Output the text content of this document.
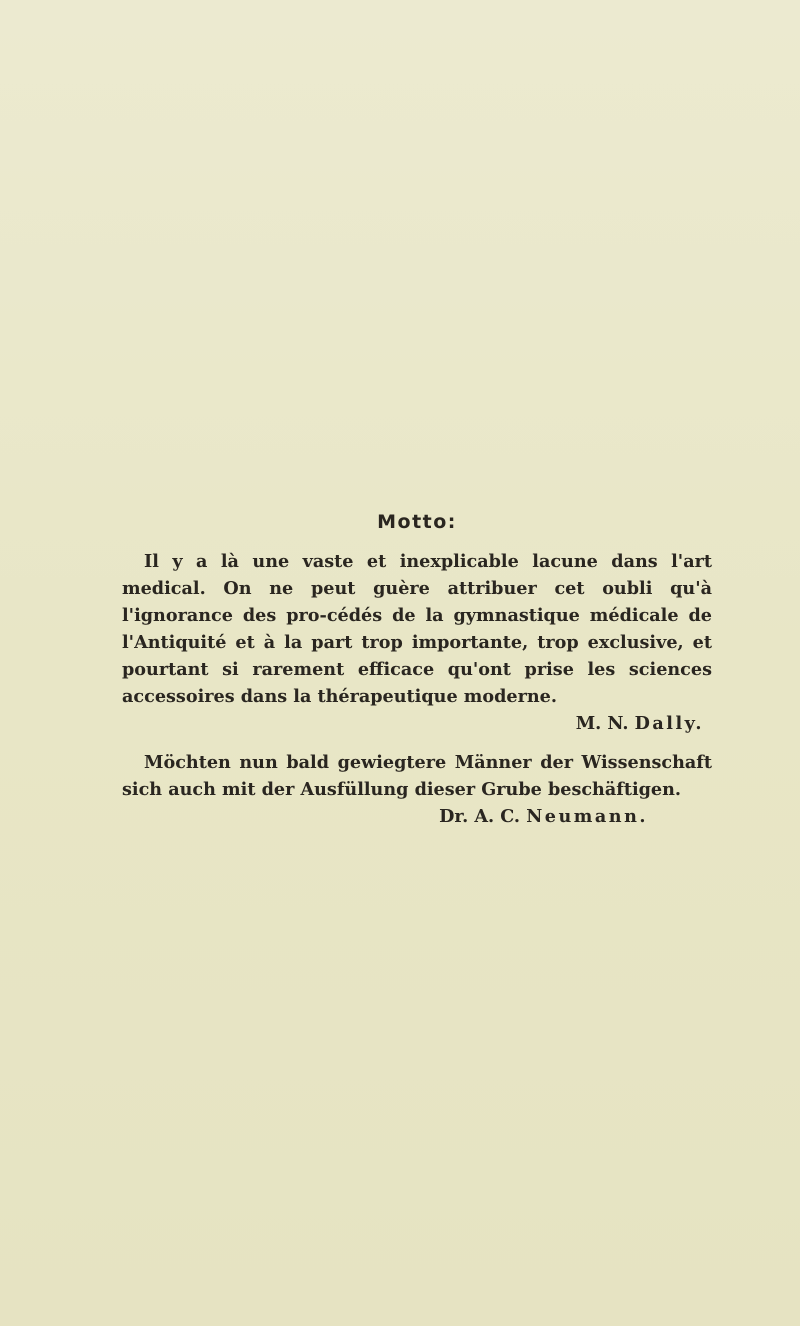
Motto:

Il y a là une vaste et inexplicable lacune dans l'art medical. On ne peut guère attribuer cet oubli qu'à l'ignorance des pro-cédés de la gymnastique médicale de l'Antiquité et à la part trop importante, trop exclusive, et pourtant si rarement efficace qu'ont prise les sciences accessoires dans la thérapeutique moderne.

M. N. Dally.

Möchten nun bald gewiegtere Männer der Wissenschaft sich auch mit der Ausfüllung dieser Grube beschäftigen.

Dr. A. C. Neumann.
